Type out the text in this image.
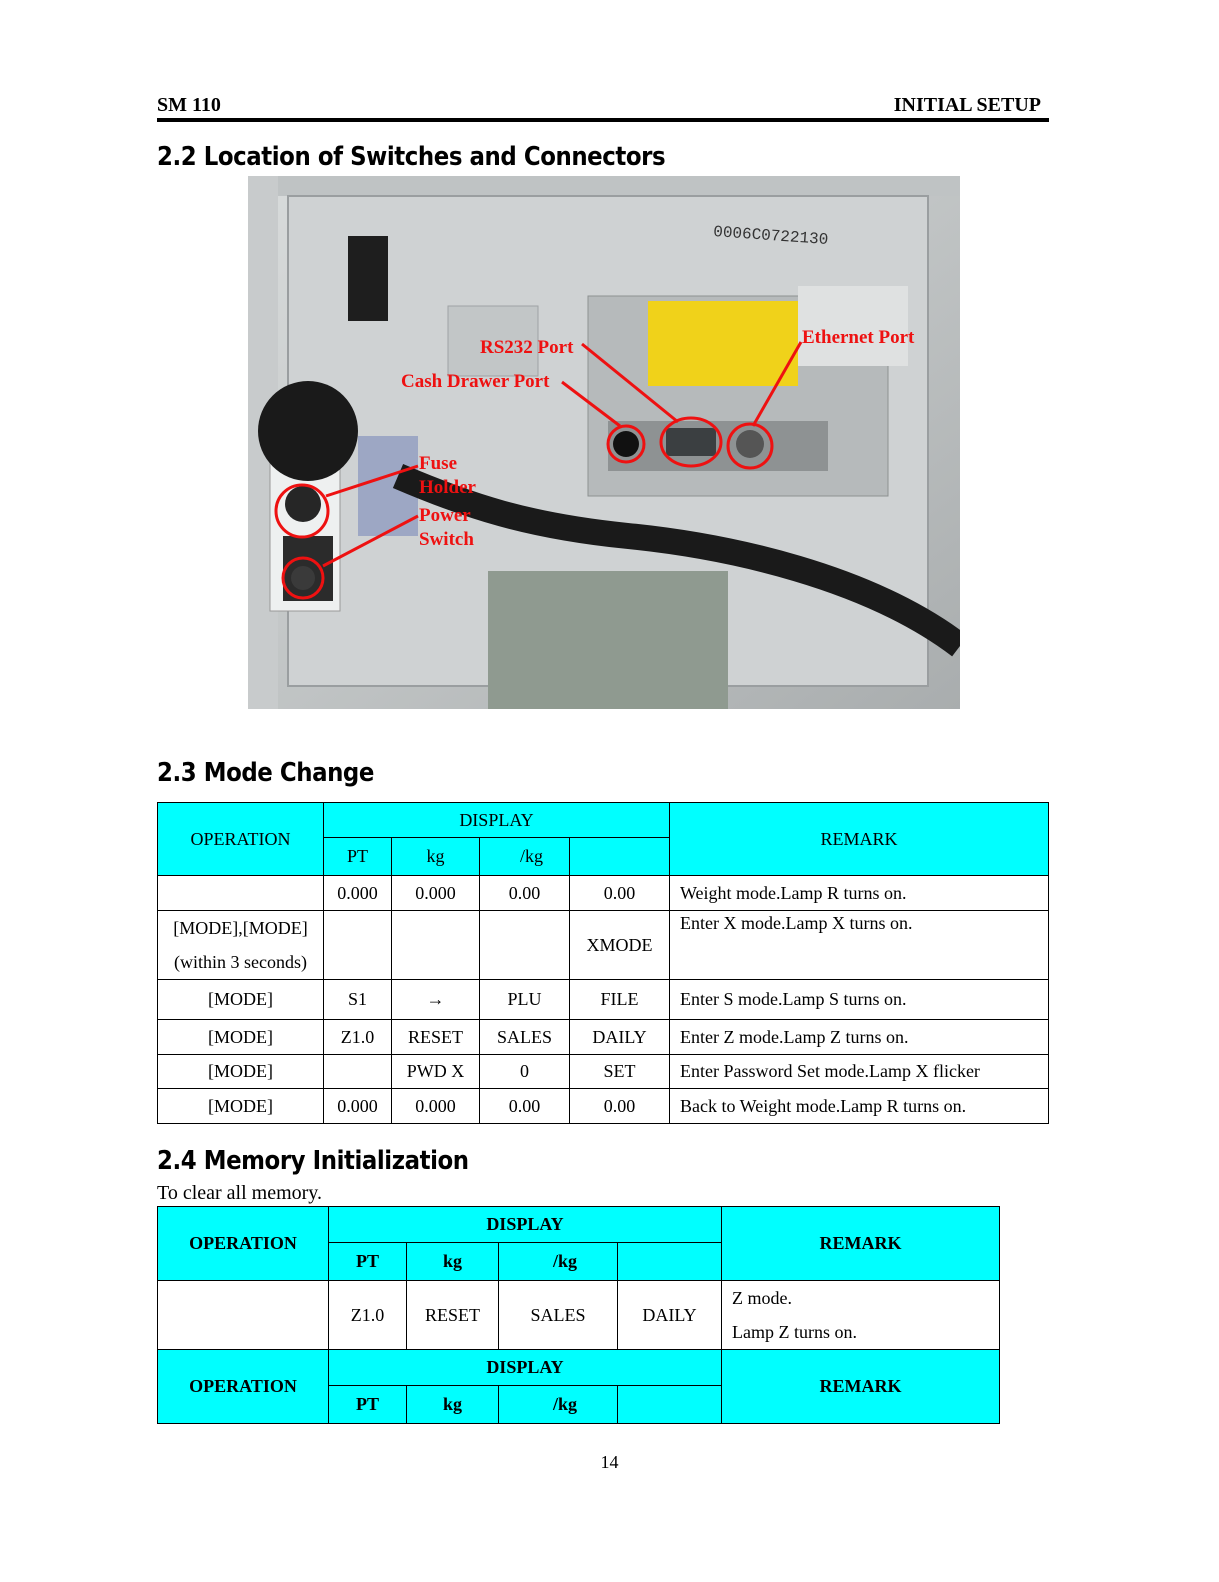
SM 110	INITIAL SETUP
2.2 Location of Switches and Connectors
0006C0722130
RS232 Port
Cash Drawer Port
Ethernet Port
Fuse
Holder
Power
Switch
2.3 Mode Change
OPERATION	DISPLAY				REMARK
	PT	kg	 /kg	 	
	0.000	0.000	0.00	0.00	Weight mode.Lamp R turns on.

[MODE],[MODE]
(within 3 seconds)				XMODE	Enter X mode.Lamp X turns on.
[MODE]	S1	→	PLU	FILE	Enter S mode.Lamp S turns on.
[MODE]	Z1.0	RESET	SALES	DAILY	Enter Z mode.Lamp Z turns on.
[MODE]		PWD X	0	SET	Enter Password Set mode.Lamp X flicker
[MODE]	0.000	0.000	0.00	0.00	Back to Weight mode.Lamp R turns on.
2.4 Memory Initialization
To clear all memory.
OPERATION	DISPLAY				REMARK
	PT	kg	 /kg	 	
	Z1.0	RESET	SALES	DAILY	Z mode.
Lamp Z turns on.

OPERATION	DISPLAY				REMARK
	PT	kg	 /kg	 	
14
